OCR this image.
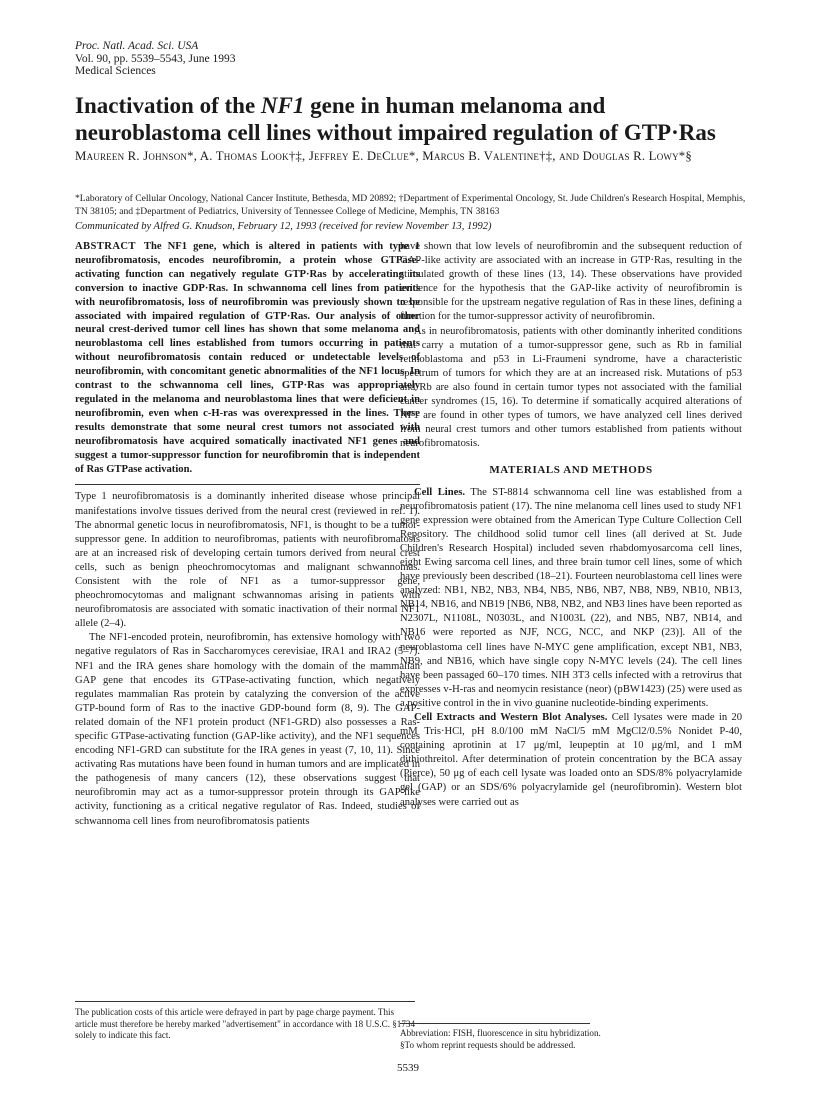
Proc. Natl. Acad. Sci. USA
Vol. 90, pp. 5539–5543, June 1993
Medical Sciences
Inactivation of the NF1 gene in human melanoma and neuroblastoma cell lines without impaired regulation of GTP·Ras
Maureen R. Johnson*, A. Thomas Look†‡, Jeffrey E. DeClue*, Marcus B. Valentine†‡, and Douglas R. Lowy*§
*Laboratory of Cellular Oncology, National Cancer Institute, Bethesda, MD 20892; †Department of Experimental Oncology, St. Jude Children's Research Hospital, Memphis, TN 38105; and ‡Department of Pediatrics, University of Tennessee College of Medicine, Memphis, TN 38163
Communicated by Alfred G. Knudson, February 12, 1993 (received for review November 13, 1992)
ABSTRACT The NF1 gene, which is altered in patients with type 1 neurofibromatosis, encodes neurofibromin, a protein whose GTPase-activating function can negatively regulate GTP·Ras by accelerating its conversion to inactive GDP·Ras. In schwannoma cell lines from patients with neurofibromatosis, loss of neurofibromin was previously shown to be associated with impaired regulation of GTP·Ras. Our analysis of other neural crest-derived tumor cell lines has shown that some melanoma and neuroblastoma cell lines established from tumors occurring in patients without neurofibromatosis contain reduced or undetectable levels of neurofibromin, with concomitant genetic abnormalities of the NF1 locus. In contrast to the schwannoma cell lines, GTP·Ras was appropriately regulated in the melanoma and neuroblastoma lines that were deficient in neurofibromin, even when c-H-ras was overexpressed in the lines. These results demonstrate that some neural crest tumors not associated with neurofibromatosis have acquired somatically inactivated NF1 genes and suggest a tumor-suppressor function for neurofibromin that is independent of Ras GTPase activation.

Type 1 neurofibromatosis is a dominantly inherited disease whose principal manifestations involve tissues derived from the neural crest (reviewed in ref. 1). The abnormal genetic locus in neurofibromatosis, NF1, is thought to be a tumor-suppressor gene. In addition to neurofibromas, patients with neurofibromatosis are at an increased risk of developing certain tumors derived from neural crest cells, such as benign pheochromocytomas and malignant schwannomas. Consistent with the role of NF1 as a tumor-suppressor gene, pheochromocytomas and malignant schwannomas arising in patients with neurofibromatosis are associated with somatic inactivation of their normal NF1 allele (2–4).

The NF1-encoded protein, neurofibromin, has extensive homology with two negative regulators of Ras in Saccharomyces cerevisiae, IRA1 and IRA2 (5–7). NF1 and the IRA genes share homology with the domain of the mammalian GAP gene that encodes its GTPase-activating function, which negatively regulates mammalian Ras protein by catalyzing the conversion of the active GTP-bound form of Ras to the inactive GDP-bound form (8, 9). The GAP-related domain of the NF1 protein product (NF1-GRD) also possesses a Ras-specific GTPase-activating function (GAP-like activity), and the NF1 sequences encoding NF1-GRD can substitute for the IRA genes in yeast (7, 10, 11). Since activating Ras mutations have been found in human tumors and are implicated in the pathogenesis of many cancers (12), these observations suggest that neurofibromin may act as a tumor-suppressor protein through its GAP-like activity, functioning as a critical negative regulator of Ras. Indeed, studies of schwannoma cell lines from neurofibromatosis patients

have shown that low levels of neurofibromin and the subsequent reduction of GAP-like activity are associated with an increase in GTP·Ras, resulting in the stimulated growth of these lines (13, 14). These observations have provided evidence for the hypothesis that the GAP-like activity of neurofibromin is responsible for the upstream negative regulation of Ras in these lines, defining a function for the tumor-suppressor activity of neurofibromin.

As in neurofibromatosis, patients with other dominantly inherited conditions that carry a mutation of a tumor-suppressor gene, such as Rb in familial retinoblastoma and p53 in Li-Fraumeni syndrome, have a characteristic spectrum of tumors for which they are at an increased risk. Mutations of p53 and Rb are also found in certain tumor types not associated with the familial cancer syndromes (15, 16). To determine if somatically acquired alterations of NF1 are found in other types of tumors, we have analyzed cell lines derived from neural crest tumors and other tumors established from patients without neurofibromatosis.

MATERIALS AND METHODS

Cell Lines. The ST-8814 schwannoma cell line was established from a neurofibromatosis patient (17). The nine melanoma cell lines used to study NF1 gene expression were obtained from the American Type Culture Collection Cell Repository. The childhood solid tumor cell lines (all derived at St. Jude Children's Research Hospital) included seven rhabdomyosarcoma cell lines, eight Ewing sarcoma cell lines, and three brain tumor cell lines, some of which have previously been described (18–21). Fourteen neuroblastoma cell lines were analyzed: NB1, NB2, NB3, NB4, NB5, NB6, NB7, NB8, NB9, NB10, NB13, NB14, NB16, and NB19 [NB6, NB8, NB2, and NB3 lines have been reported as N2307L, N1108L, N0303L, and N1003L (22), and NB5, NB7, NB14, and NB16 were reported as NJF, NCG, NCC, and NKP (23)]. All of the neuroblastoma cell lines have N-MYC gene amplification, except NB1, NB3, NB9, and NB16, which have single copy N-MYC levels (24). The cell lines have been passaged 60–170 times. NIH 3T3 cells infected with a retrovirus that expresses v-H-ras and neomycin resistance (neor) (pBW1423) (25) were used as a positive control in the in vivo guanine nucleotide-binding experiments.

Cell Extracts and Western Blot Analyses. Cell lysates were made in 20 mM Tris·HCl, pH 8.0/100 mM NaCl/5 mM MgCl2/0.5% Nonidet P-40, containing aprotinin at 17 μg/ml, leupeptin at 10 μg/ml, and 1 mM dithiothreitol. After determination of protein concentration by the BCA assay (Pierce), 50 μg of each cell lysate was loaded onto an SDS/8% polyacrylamide gel (GAP) or an SDS/6% polyacrylamide gel (neurofibromin). Western blot analyses were carried out as

The publication costs of this article were defrayed in part by page charge payment. This article must therefore be hereby marked "advertisement" in accordance with 18 U.S.C. §1734 solely to indicate this fact.	Abbreviation: FISH, fluorescence in situ hybridization.
§To whom reprint requests should be addressed.
5539
